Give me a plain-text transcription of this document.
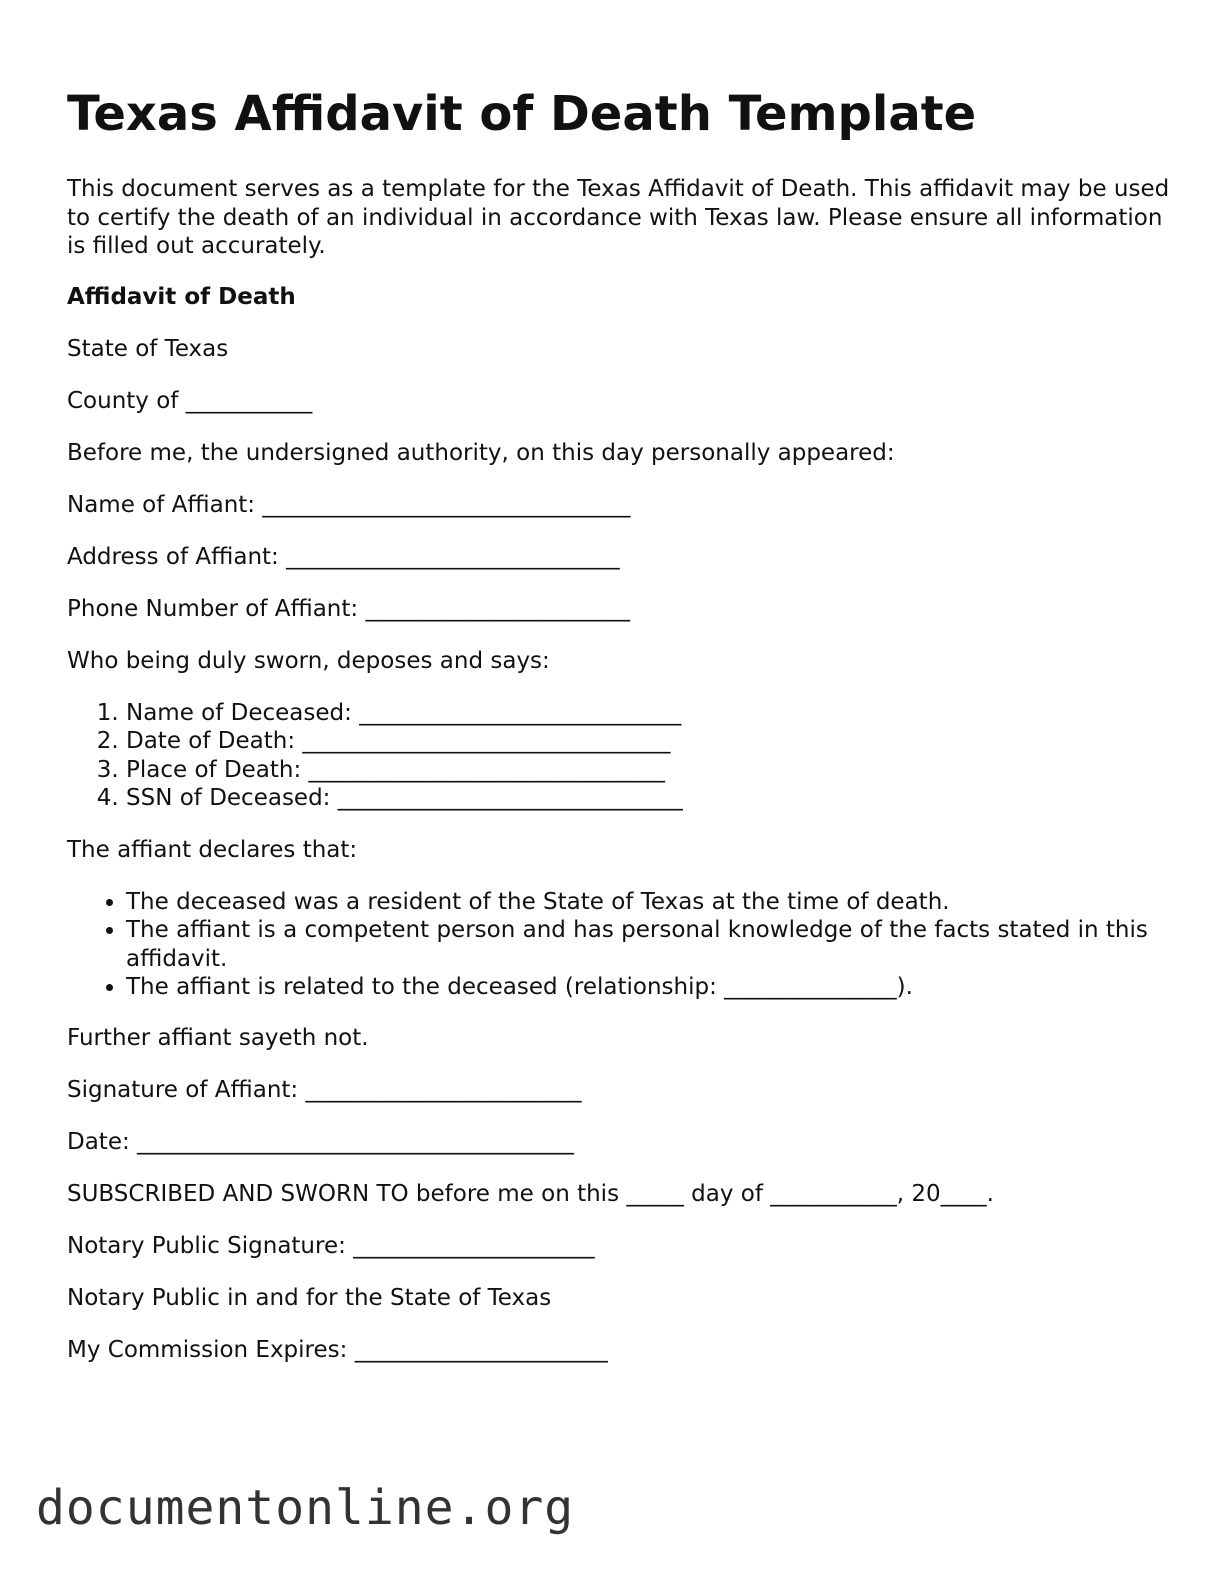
Texas Affidavit of Death Template

This document serves as a template for the Texas Affidavit of Death. This affidavit may be used to certify the death of an individual in accordance with Texas law. Please ensure all information is filled out accurately.

Affidavit of Death

State of Texas

County of ___________

Before me, the undersigned authority, on this day personally appeared:

Name of Affiant: ________________________________

Address of Affiant: _____________________________

Phone Number of Affiant: _______________________

Who being duly sworn, deposes and says:

1. Name of Deceased: ____________________________
2. Date of Death: ________________________________
3. Place of Death: _______________________________
4. SSN of Deceased: ______________________________

The affiant declares that:

• The deceased was a resident of the State of Texas at the time of death.
• The affiant is a competent person and has personal knowledge of the facts stated in this affidavit.
• The affiant is related to the deceased (relationship: _______________).

Further affiant sayeth not.

Signature of Affiant: ________________________

Date: ______________________________________

SUBSCRIBED AND SWORN TO before me on this _____ day of ___________, 20____.

Notary Public Signature: _____________________

Notary Public in and for the State of Texas

My Commission Expires: ______________________

documentonline.org
